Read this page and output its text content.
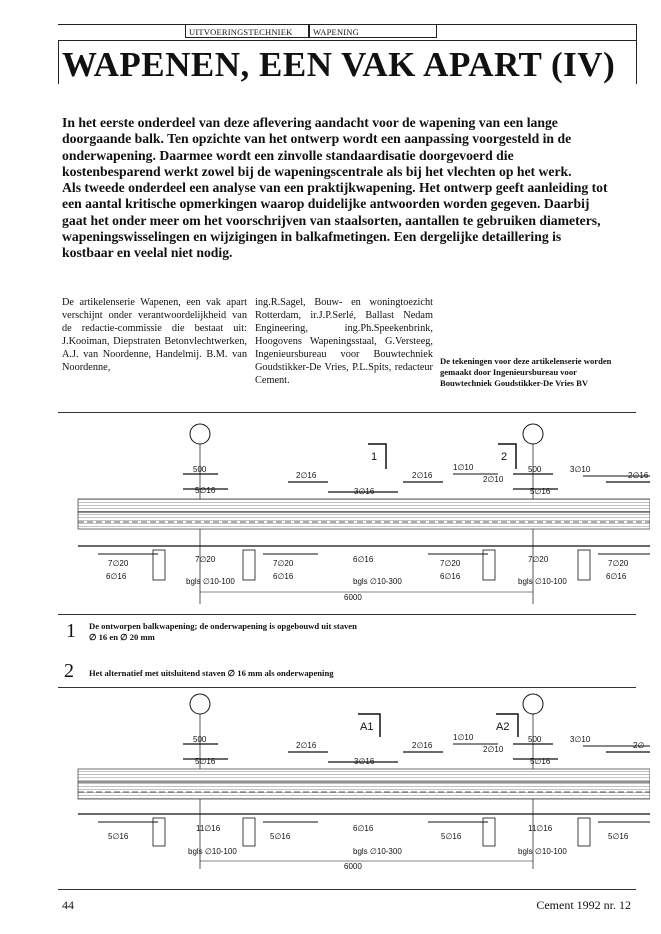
UITVOERINGSTECHNIEK	WAPENING
WAPENEN, EEN VAK APART (IV)

In het eerste onderdeel van deze aflevering aandacht voor de wapening van een lange doorgaande balk. Ten opzichte van het ontwerp wordt een aanpassing voorgesteld in de onderwapening. Daarmee wordt een zinvolle standaardisatie doorgevoerd die kostenbesparend werkt zowel bij de wapeningscentrale als bij het vlechten op het werk.

Als tweede onderdeel een analyse van een praktijkwapening. Het ontwerp geeft aanleiding tot een aantal kritische opmerkingen waarop duidelijke antwoorden worden gegeven. Daarbij gaat het onder meer om het voorschrijven van staalsorten, aantallen te gebruiken diameters, wapeningswisselingen en wijzigingen in balkafmetingen. Een dergelijke detaillering is kostbaar en veelal niet nodig.

De artikelenserie Wapenen, een vak apart verschijnt onder verantwoordelijkheid van de redactie-commissie die bestaat uit: J.Kooiman, Diepstraten Betonvlechtwerken, A.J. van Noordenne, Handelmij. B.M. van Noordenne,

ing.R.Sagel, Bouw- en woningtoezicht Rotterdam, ir.J.P.Serlé, Ballast Nedam Engineering, ing.Ph.Speekenbrink, Hoogovens Wapeningsstaal, G.Versteeg, Ingenieursbureau voor Bouwtechniek Goudstikker-De Vries, P.L.Spits, redacteur Cement.

De tekeningen voor deze artikelenserie worden gemaakt door Ingenieursbureau voor Bouwtechniek Goudstikker-De Vries BV

500
5∅16
2∅16
3∅16
2∅16
1∅10
2∅10
500
5∅16
3∅10
2∅16
1	2
7∅20
6∅16
7∅20
bgls ∅10-100
7∅20
6∅16
6∅16
bgls ∅10-300
7∅20
6∅16
7∅20
bgls ∅10-100
7∅20
6∅16
6000
1 De ontworpen balkwapening; de onderwapening is opgebouwd uit staven
∅ 16 en ∅ 20 mm
2 Het alternatief met uitsluitend staven ∅ 16 mm als onderwapening
500
5∅16
2∅16
3∅16
2∅16
1∅10
2∅10
500
5∅16
3∅10
2∅
A1	A2
5∅16
11∅16
5∅16
bgls ∅10-100
6∅16
bgls ∅10-300
5∅16
11∅16
bgls ∅10-100
5∅16
6000
44	Cement 1992 nr. 12
